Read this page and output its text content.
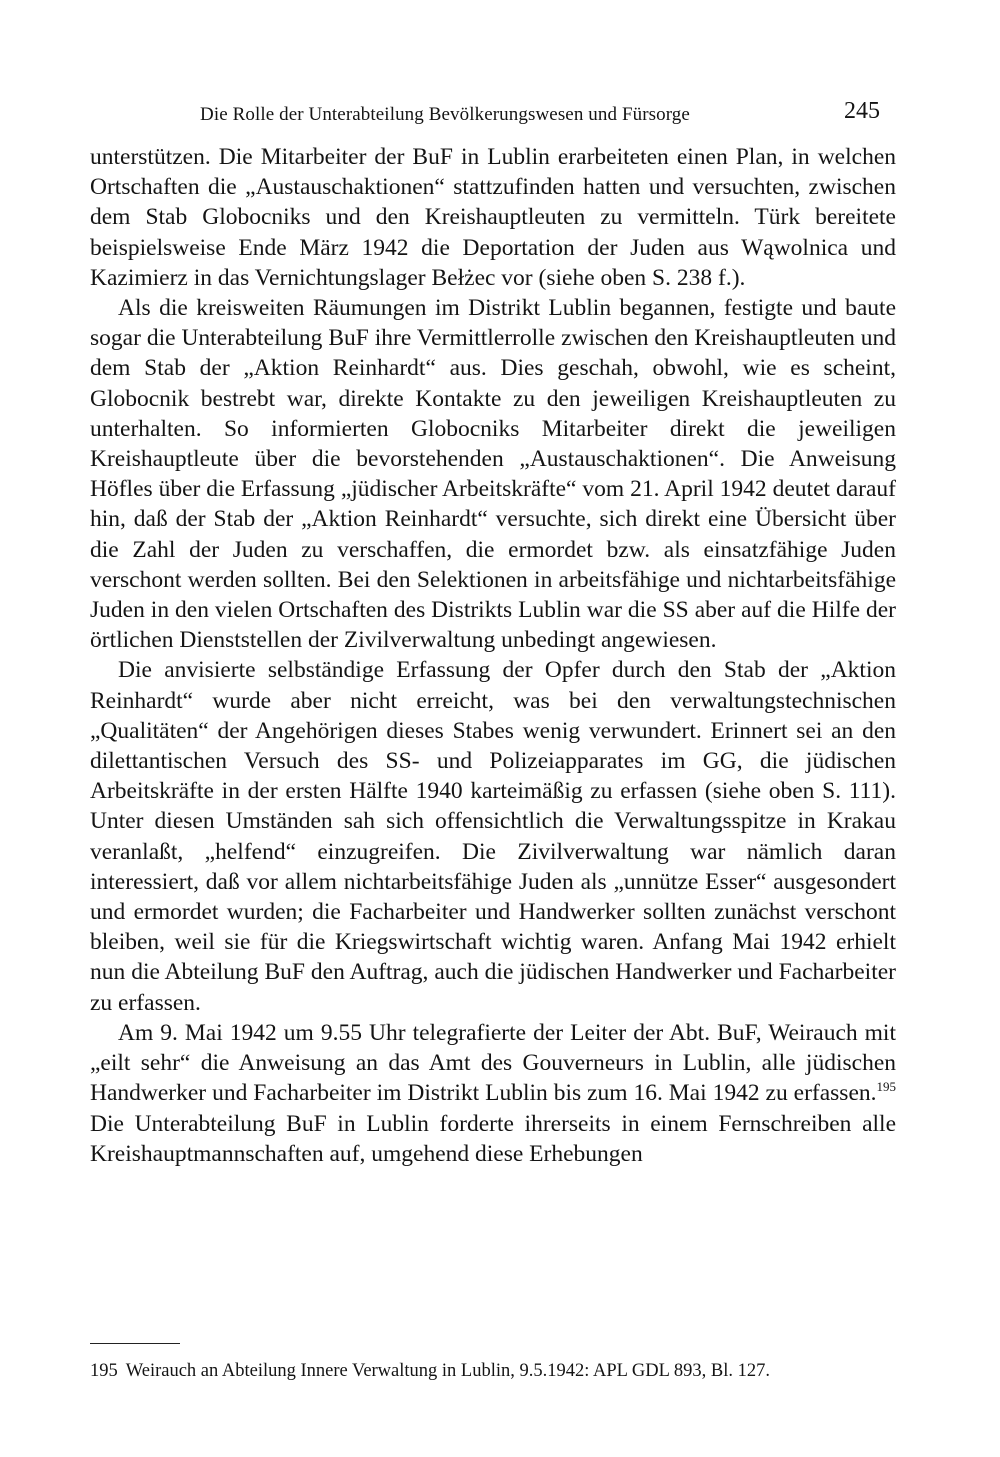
Die Rolle der Unterabteilung Bevölkerungswesen und Fürsorge	245

unterstützen. Die Mitarbeiter der BuF in Lublin erarbeiteten einen Plan, in welchen Ortschaften die „Austauschaktionen“ stattzufinden hatten und versuchten, zwischen dem Stab Globocniks und den Kreishauptleuten zu vermitteln. Türk bereitete beispielsweise Ende März 1942 die Deportation der Juden aus Wąwolnica und Kazimierz in das Vernichtungslager Bełżec vor (siehe oben S. 238 f.).

Als die kreisweiten Räumungen im Distrikt Lublin begannen, festigte und baute sogar die Unterabteilung BuF ihre Vermittlerrolle zwischen den Kreishauptleuten und dem Stab der „Aktion Reinhardt“ aus. Dies geschah, obwohl, wie es scheint, Globocnik bestrebt war, direkte Kontakte zu den jeweiligen Kreishauptleuten zu unterhalten. So informierten Globocniks Mitarbeiter direkt die jeweiligen Kreishauptleute über die bevorstehenden „Austauschaktionen“. Die Anweisung Höfles über die Erfassung „jüdischer Arbeitskräfte“ vom 21. April 1942 deutet darauf hin, daß der Stab der „Aktion Reinhardt“ versuchte, sich direkt eine Übersicht über die Zahl der Juden zu verschaffen, die ermordet bzw. als einsatzfähige Juden verschont werden sollten. Bei den Selektionen in arbeitsfähige und nichtarbeitsfähige Juden in den vielen Ortschaften des Distrikts Lublin war die SS aber auf die Hilfe der örtlichen Dienststellen der Zivilverwaltung unbedingt angewiesen.

Die anvisierte selbständige Erfassung der Opfer durch den Stab der „Aktion Reinhardt“ wurde aber nicht erreicht, was bei den verwaltungstechnischen „Qualitäten“ der Angehörigen dieses Stabes wenig verwundert. Erinnert sei an den dilettantischen Versuch des SS- und Polizeiapparates im GG, die jüdischen Arbeitskräfte in der ersten Hälfte 1940 karteimäßig zu erfassen (siehe oben S. 111). Unter diesen Umständen sah sich offensichtlich die Verwaltungsspitze in Krakau veranlaßt, „helfend“ einzugreifen. Die Zivilverwaltung war nämlich daran interessiert, daß vor allem nichtarbeitsfähige Juden als „unnütze Esser“ ausgesondert und ermordet wurden; die Facharbeiter und Handwerker sollten zunächst verschont bleiben, weil sie für die Kriegswirtschaft wichtig waren. Anfang Mai 1942 erhielt nun die Abteilung BuF den Auftrag, auch die jüdischen Handwerker und Facharbeiter zu erfassen.

Am 9. Mai 1942 um 9.55 Uhr telegrafierte der Leiter der Abt. BuF, Weirauch mit „eilt sehr“ die Anweisung an das Amt des Gouverneurs in Lublin, alle jüdischen Handwerker und Facharbeiter im Distrikt Lublin bis zum 16. Mai 1942 zu erfassen.$^{195}$ Die Unterabteilung BuF in Lublin forderte ihrerseits in einem Fernschreiben alle Kreishauptmannschaften auf, umgehend diese Erhebungen

195 Weirauch an Abteilung Innere Verwaltung in Lublin, 9.5.1942: APL GDL 893, Bl. 127.
